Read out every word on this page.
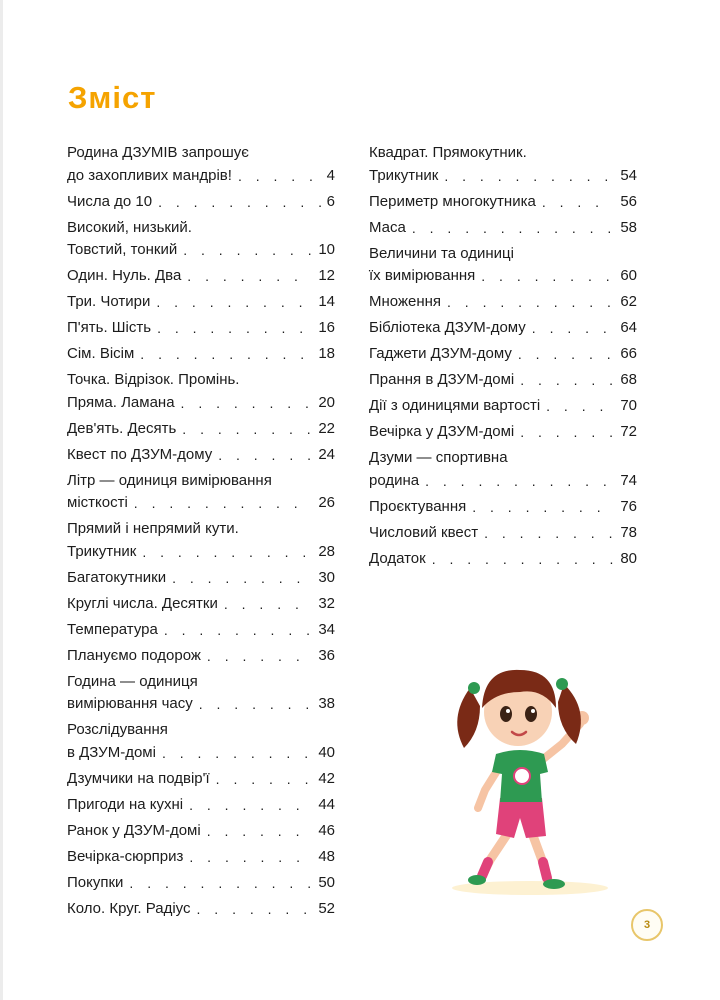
Зміст
Родина ДЗУМІВ запрошує
до захопливих мандрів! . . .	4
Числа до 10 . . .	6
Високий, низький.
Товстий, тонкий . . .	10
Один. Нуль. Два . . .	12
Три. Чотири . . .	14
П'ять. Шість . . .	16
Сім. Вісім . . .	18
Точка. Відрізок. Промінь.
Пряма. Ламана . . .	20
Дев'ять. Десять . . .	22
Квест по ДЗУМ-дому . . .	24
Літр — одиниця вимірювання
місткості . . .	26
Прямий і непрямий кути.
Трикутник . . .	28
Багатокутники . . .	30
Круглі числа. Десятки . . .	32
Температура . . .	34
Плануємо подорож . . .	36
Година — одиниця
вимірювання часу . . .	38
Розслідування
в ДЗУМ-домі . . .	40
Дзумчики на подвір'ї . . .	42
Пригоди на кухні . . .	44
Ранок у ДЗУМ-домі . . .	46
Вечірка-сюрприз . . .	48
Покупки . . .	50
Коло. Круг. Радіус . . .	52
Квадрат. Прямокутник.
Трикутник . . .	54
Периметр многокутника . . .	56
Маса . . .	58
Величини та одиниці
їх вимірювання . . .	60
Множення . . .	62
Бібліотека ДЗУМ-дому . . .	64
Гаджети ДЗУМ-дому . . .	66
Прання в ДЗУМ-домі . . .	68
Дії з одиницями вартості . . .	70
Вечірка у ДЗУМ-домі . . .	72
Дзуми — спортивна
родина . . .	74
Проєктування . . .	76
Числовий квест . . .	78
Додаток . . .	80
3
